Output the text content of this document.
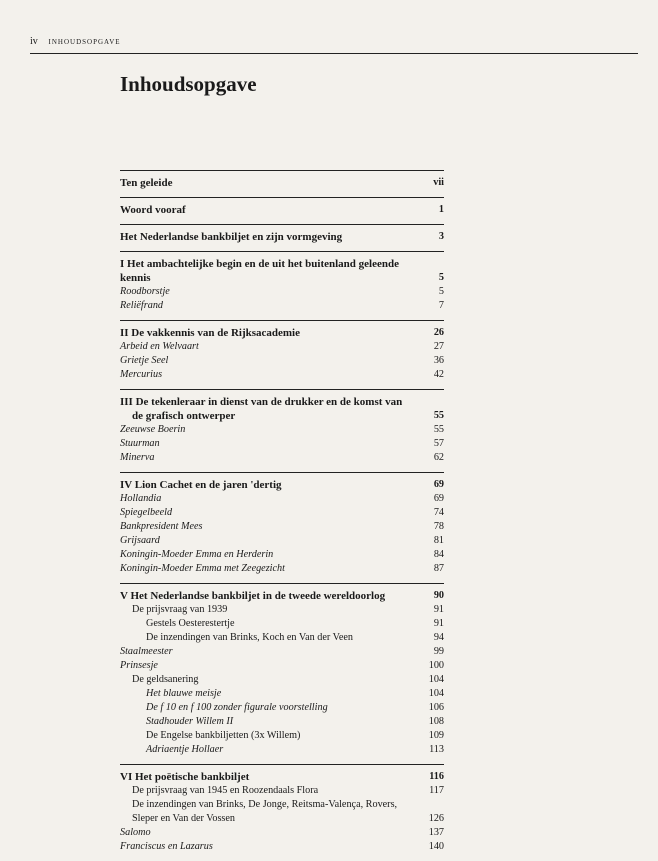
iv INHOUDSOPGAVE
Inhoudsopgave
Ten geleide	vii
Woord vooraf	1
Het Nederlandse bankbiljet en zijn vormgeving	3
I Het ambachtelijke begin en de uit het buitenland geleende kennis	5
Roodborstje	5
Reliëfrand	7
II De vakkennis van de Rijksacademie	26
Arbeid en Welvaart	27
Grietje Seel	36
Mercurius	42
III De tekenleraar in dienst van de drukker en de komst van
de grafisch ontwerper	55
Zeeuwse Boerin	55
Stuurman	57
Minerva	62
IV Lion Cachet en de jaren 'dertig	69
Hollandia	69
Spiegelbeeld	74
Bankpresident Mees	78
Grijsaard	81
Koningin-Moeder Emma en Herderin	84
Koningin-Moeder Emma met Zeegezicht	87
V Het Nederlandse bankbiljet in de tweede wereldoorlog	90
De prijsvraag van 1939	91
Gestels Oesterestertje	91
De inzendingen van Brinks, Koch en Van der Veen	94
Staalmeester	99
Prinsesje	100
De geldsanering	104
Het blauwe meisje	104
De f 10 en f 100 zonder figurale voorstelling	106
Stadhouder Willem II	108
De Engelse bankbiljetten (3x Willem)	109
Adriaentje Hollaer	113
VI Het poëtische bankbiljet	116
De prijsvraag van 1945 en Roozendaals Flora	117
De inzendingen van Brinks, De Jonge, Reitsma-Valença, Rovers,
Sleper en Van der Vossen	126
Salomo	137
Franciscus en Lazarus	140
